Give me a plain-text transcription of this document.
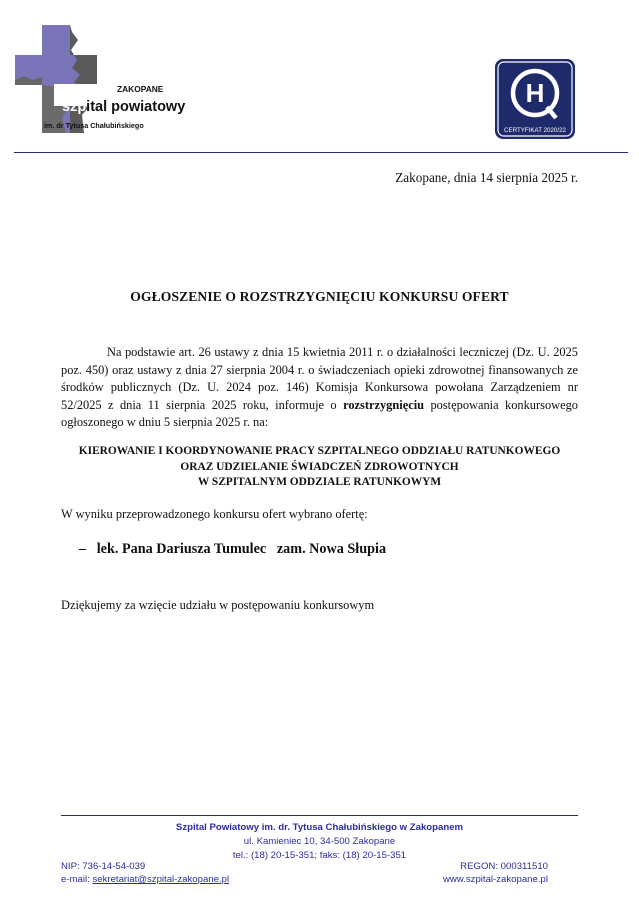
ZAKOPANE
szpital powiatowy
im. dr Tytusa Chałubińskiego
H
CERTYFIKAT 2020/22
Zakopane, dnia 14 sierpnia 2025 r.
OGŁOSZENIE O ROZSTRZYGNIĘCIU KONKURSU OFERT

Na podstawie art. 26 ustawy z dnia 15 kwietnia 2011 r. o działalności leczniczej (Dz. U. 2025 poz. 450) oraz ustawy z dnia 27 sierpnia 2004 r. o świadczeniach opieki zdrowotnej finansowanych ze środków publicznych (Dz. U. 2024 poz. 146) Komisja Konkursowa powołana Zarządzeniem nr 52/2025 z dnia 11 sierpnia 2025 roku, informuje o rozstrzygnięciu postępowania konkursowego ogłoszonego w dniu 5 sierpnia 2025 r. na:

KIEROWANIE I KOORDYNOWANIE PRACY SZPITALNEGO ODDZIAŁU RATUNKOWEGO
ORAZ UDZIELANIE ŚWIADCZEŃ ZDROWOTNYCH
W SZPITALNYM ODDZIALE RATUNKOWYM
W wyniku przeprowadzonego konkursu ofert wybrano ofertę:
–   lek. Pana Dariusza Tumulec   zam. Nowa Słupia
Dziękujemy za wzięcie udziału w postępowaniu konkursowym
Szpital Powiatowy im. dr. Tytusa Chałubińskiego w Zakopanem
ul. Kamieniec 10, 34-500 Zakopane
tel.: (18) 20-15-351; faks: (18) 20-15-351
NIP: 736-14-54-039	REGON: 000311510
e-mail: sekretariat@szpital-zakopane.pl	www.szpital-zakopane.pl
